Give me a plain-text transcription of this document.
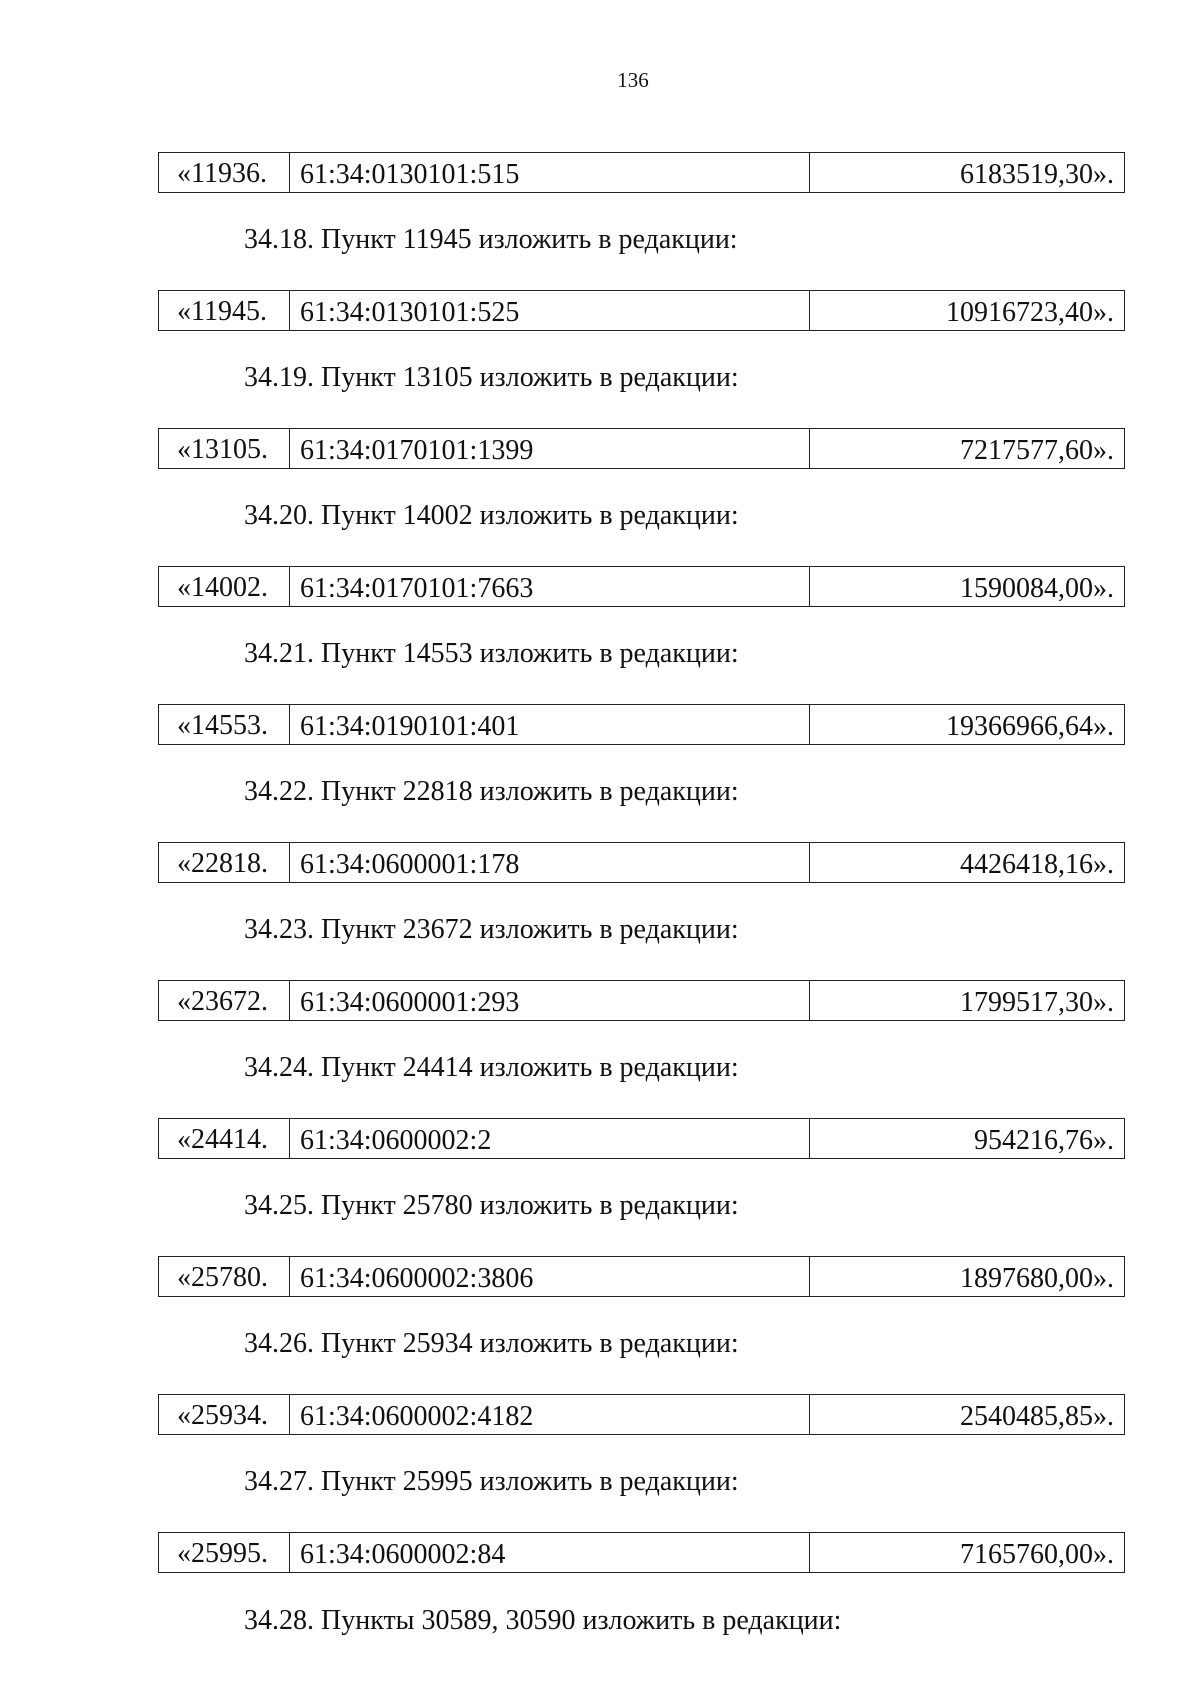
136
«11936.	61:34:0130101:515	6183519,30».

34.18. Пункт 11945 изложить в редакции:

«11945.	61:34:0130101:525	10916723,40».

34.19. Пункт 13105 изложить в редакции:

«13105.	61:34:0170101:1399	7217577,60».

34.20. Пункт 14002 изложить в редакции:

«14002.	61:34:0170101:7663	1590084,00».

34.21. Пункт 14553 изложить в редакции:

«14553.	61:34:0190101:401	19366966,64».

34.22. Пункт 22818 изложить в редакции:

«22818.	61:34:0600001:178	4426418,16».

34.23. Пункт 23672 изложить в редакции:

«23672.	61:34:0600001:293	1799517,30».

34.24. Пункт 24414 изложить в редакции:

«24414.	61:34:0600002:2	954216,76».

34.25. Пункт 25780 изложить в редакции:

«25780.	61:34:0600002:3806	1897680,00».

34.26. Пункт 25934 изложить в редакции:

«25934.	61:34:0600002:4182	2540485,85».

34.27. Пункт 25995 изложить в редакции:

«25995.	61:34:0600002:84	7165760,00».

34.28. Пункты 30589, 30590 изложить в редакции:
